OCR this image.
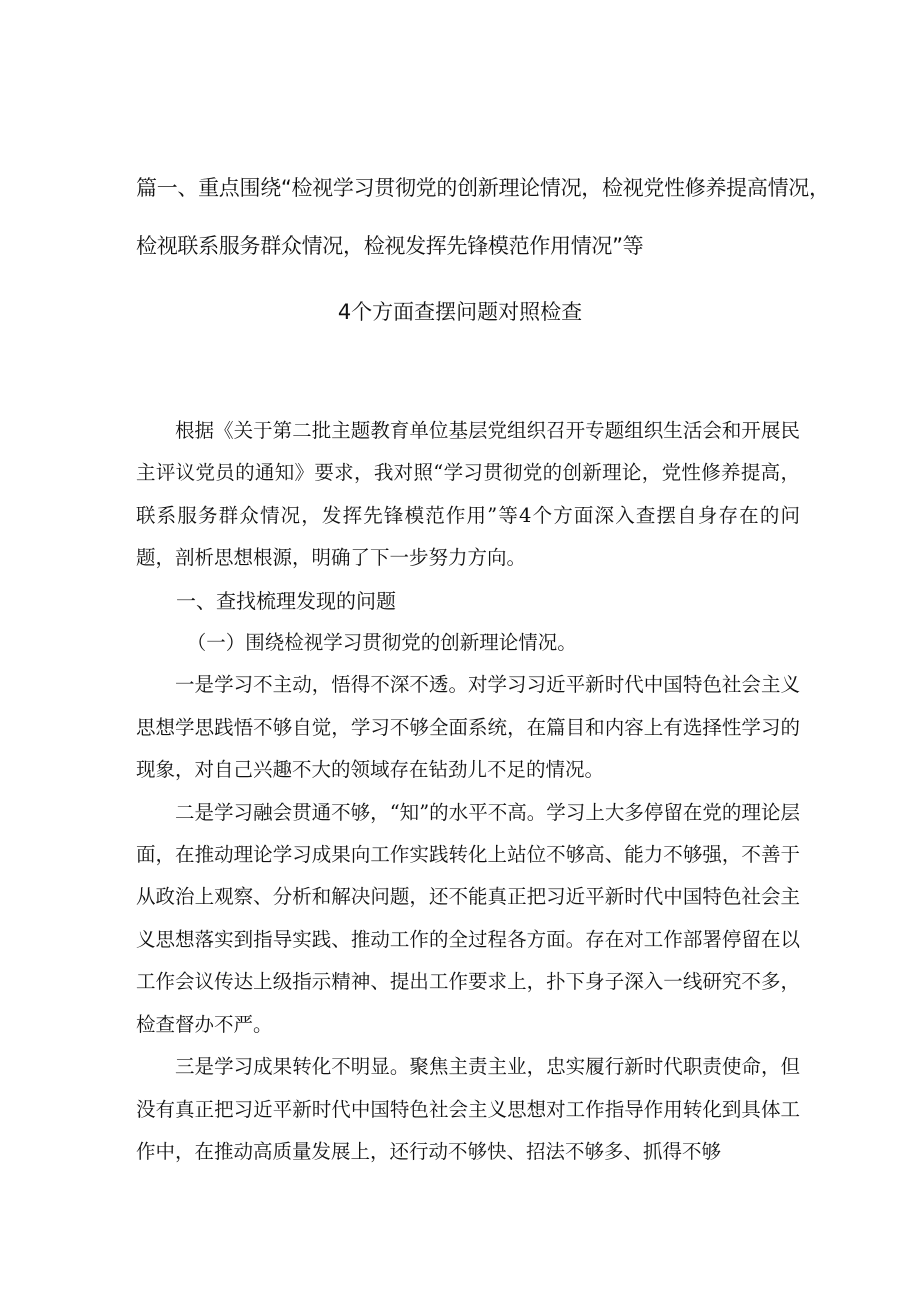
篇一、重点围绕“检视学习贯彻党的创新理论情况，检视党性修养提高情况，
检视联系服务群众情况，检视发挥先锋模范作用情况”等
4个方面查摆问题对照检查

根据《关于第二批主题教育单位基层党组织召开专题组织生活会和开展民主评议党员的通知》要求，我对照“学习贯彻党的创新理论，党性修养提高，联系服务群众情况，发挥先锋模范作用”等4个方面深入查摆自身存在的问题，剖析思想根源，明确了下一步努力方向。

一、查找梳理发现的问题

（一）围绕检视学习贯彻党的创新理论情况。

一是学习不主动，悟得不深不透。对学习习近平新时代中国特色社会主义思想学思践悟不够自觉，学习不够全面系统，在篇目和内容上有选择性学习的现象，对自己兴趣不大的领域存在钻劲儿不足的情况。

二是学习融会贯通不够，“知”的水平不高。学习上大多停留在党的理论层面，在推动理论学习成果向工作实践转化上站位不够高、能力不够强，不善于从政治上观察、分析和解决问题，还不能真正把习近平新时代中国特色社会主义思想落实到指导实践、推动工作的全过程各方面。存在对工作部署停留在以工作会议传达上级指示精神、提出工作要求上，扑下身子深入一线研究不多，检查督办不严。

三是学习成果转化不明显。聚焦主责主业，忠实履行新时代职责使命，但没有真正把习近平新时代中国特色社会主义思想对工作指导作用转化到具体工作中，在推动高质量发展上，还行动不够快、招法不够多、抓得不够
